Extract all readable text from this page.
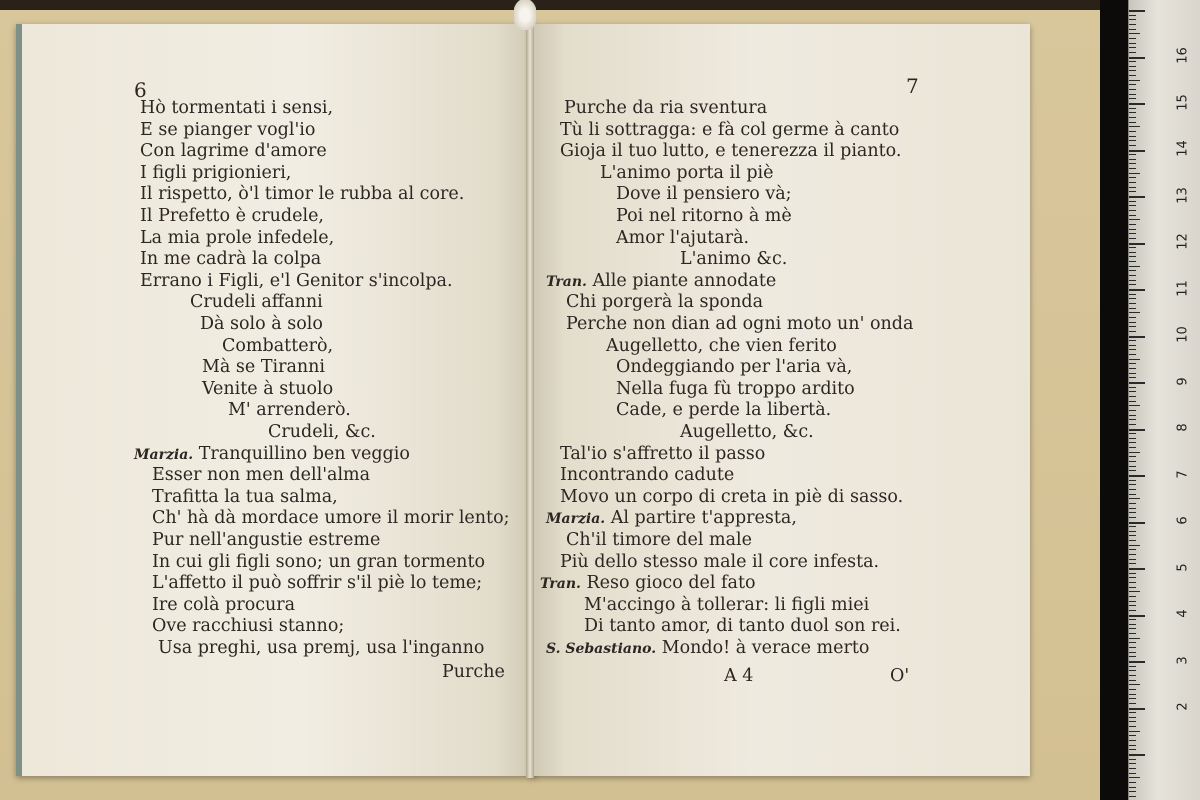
16
15
14
13
12
11
10
9
8
7
6
5
4
3
2
6
Hò tormentati i sensi,
E se pianger vogl'io
Con lagrime d'amore
I figli prigionieri,
Il rispetto, ò'l timor le rubba al core.
Il Prefetto è crudele,
La mia prole infedele,
In me cadrà la colpa
Errano i Figli, e'l Genitor s'incolpa.
Crudeli affanni
Dà solo à solo
Combatterò,
Mà se Tiranni
Venite à stuolo
M' arrenderò.
Crudeli, &c.
Marzia. Tranquillino ben veggio
Esser non men dell'alma
Trafitta la tua salma,
Ch' hà dà mordace umore il morir lento;
Pur nell'angustie estreme
In cui gli figli sono; un gran tormento
L'affetto il può soffrir s'il piè lo teme;
Ire colà procura
Ove racchiusi stanno;
Usa preghi, usa premj, usa l'inganno
Purche
7
Purche da ria sventura
Tù li sottragga: e fà col germe à canto
Gioja il tuo lutto, e tenerezza il pianto.
L'animo porta il piè
Dove il pensiero và;
Poi nel ritorno à mè
Amor l'ajutarà.
L'animo &c.
Tran. Alle piante annodate
Chi porgerà la sponda
Perche non dian ad ogni moto un' onda
Augelletto, che vien ferito
Ondeggiando per l'aria và,
Nella fuga fù troppo ardito
Cade, e perde la libertà.
Augelletto, &c.
Tal'io s'affretto il passo
Incontrando cadute
Movo un corpo di creta in piè di sasso.
Marzia. Al partire t'appresta,
Ch'il timore del male
Più dello stesso male il core infesta.
Tran. Reso gioco del fato
M'accingo à tollerar: li figli miei
Di tanto amor, di tanto duol son rei.
S. Sebastiano. Mondo! à verace merto
A 4	O'
